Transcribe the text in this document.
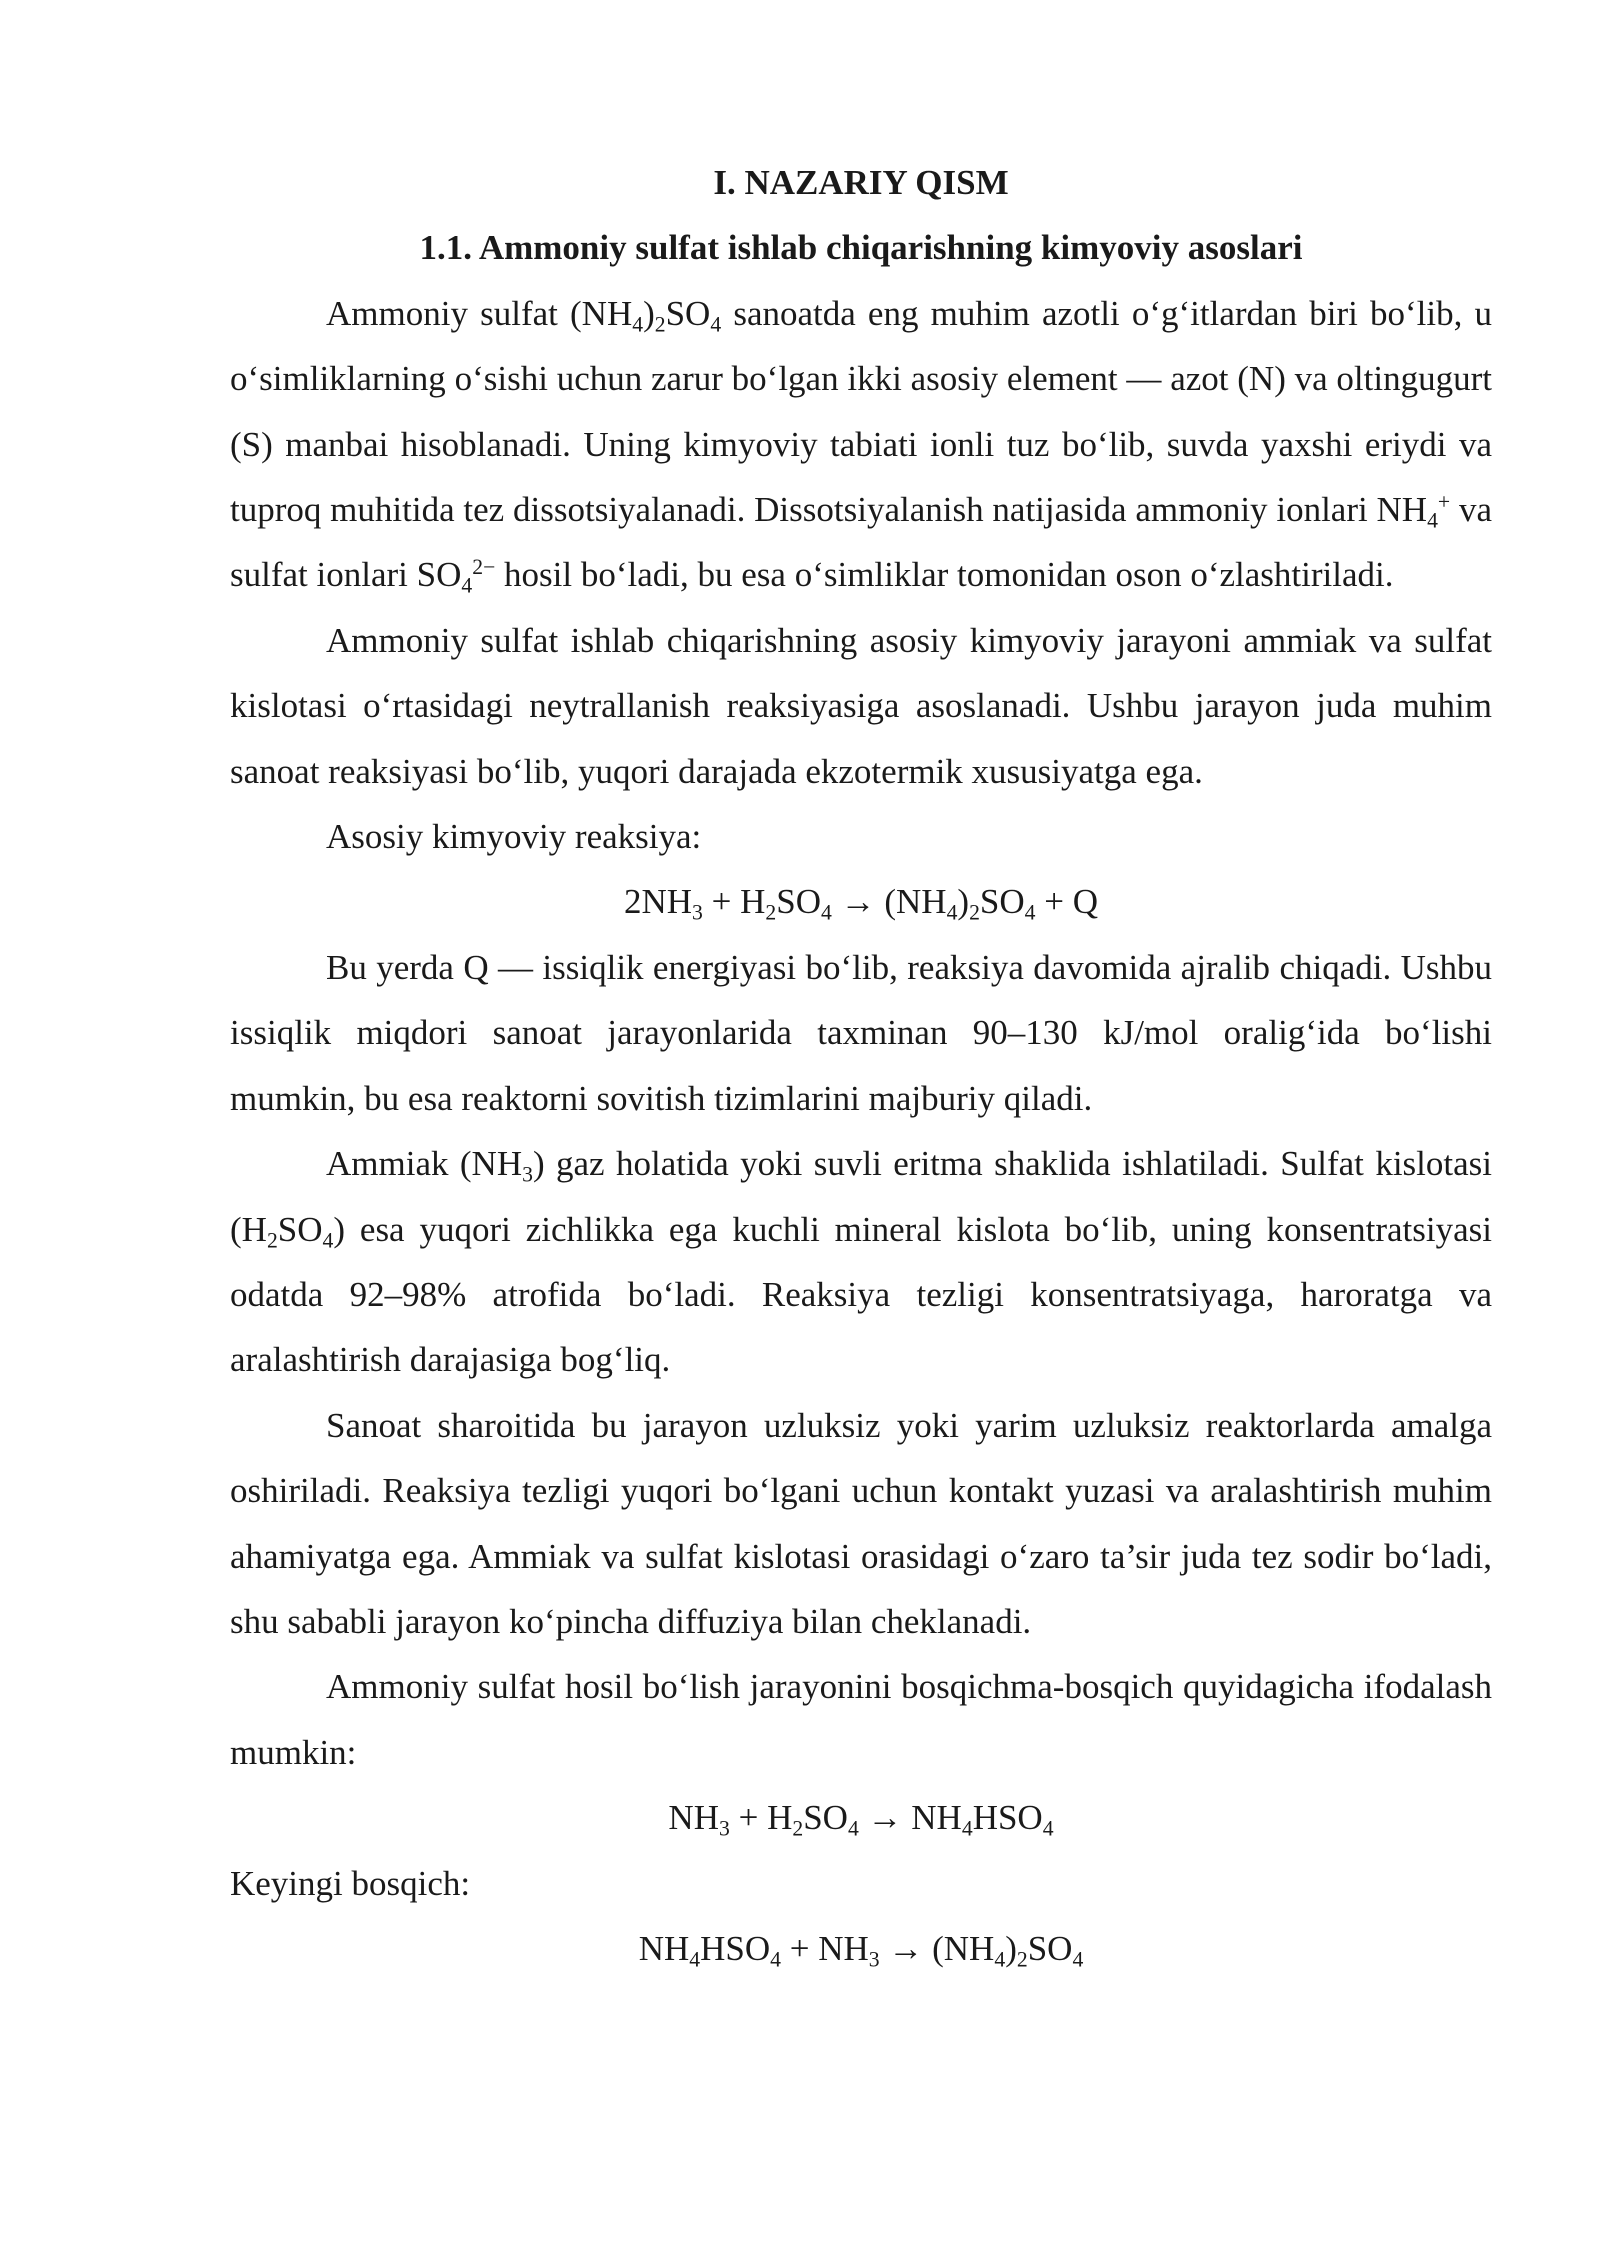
I. NAZARIY QISM

1.1. Ammoniy sulfat ishlab chiqarishning kimyoviy asoslari

Ammoniy sulfat $(NH_4)_2SO_4$ sanoatda eng muhim azotli o‘g‘itlardan biri bo‘lib, u o‘simliklarning o‘sishi uchun zarur bo‘lgan ikki asosiy element — azot (N) va oltingugurt (S) manbai hisoblanadi. Uning kimyoviy tabiati ionli tuz bo‘lib, suvda yaxshi eriydi va tuproq muhitida tez dissotsiyalanadi. Dissotsiyalanish natijasida ammoniy ionlari $NH_4^+$ va sulfat ionlari $SO_4^{2-}$ hosil bo‘ladi, bu esa o‘simliklar tomonidan oson o‘zlashtiriladi.

Ammoniy sulfat ishlab chiqarishning asosiy kimyoviy jarayoni ammiak va sulfat kislotasi o‘rtasidagi neytrallanish reaksiyasiga asoslanadi. Ushbu jarayon juda muhim sanoat reaksiyasi bo‘lib, yuqori darajada ekzotermik xususiyatga ega.

Asosiy kimyoviy reaksiya:

$2NH_3 + H_2SO_4 \to (NH_4)_2SO_4 + Q$

Bu yerda Q — issiqlik energiyasi bo‘lib, reaksiya davomida ajralib chiqadi. Ushbu issiqlik miqdori sanoat jarayonlarida taxminan 90–130 kJ/mol oralig‘ida bo‘lishi mumkin, bu esa reaktorni sovitish tizimlarini majburiy qiladi.

Ammiak $(NH_3)$ gaz holatida yoki suvli eritma shaklida ishlatiladi. Sulfat kislotasi $(H_2SO_4)$ esa yuqori zichlikka ega kuchli mineral kislota bo‘lib, uning konsentratsiyasi odatda 92–98% atrofida bo‘ladi. Reaksiya tezligi konsentratsiyaga, haroratga va aralashtirish darajasiga bog‘liq.

Sanoat sharoitida bu jarayon uzluksiz yoki yarim uzluksiz reaktorlarda amalga oshiriladi. Reaksiya tezligi yuqori bo‘lgani uchun kontakt yuzasi va aralashtirish muhim ahamiyatga ega. Ammiak va sulfat kislotasi orasidagi o‘zaro ta’sir juda tez sodir bo‘ladi, shu sababli jarayon ko‘pincha diffuziya bilan cheklanadi.

Ammoniy sulfat hosil bo‘lish jarayonini bosqichma-bosqich quyidagicha ifodalash mumkin:

$NH_3 + H_2SO_4 \to NH_4HSO_4$

Keyingi bosqich:

$NH_4HSO_4 + NH_3 \to (NH_4)_2SO_4$
